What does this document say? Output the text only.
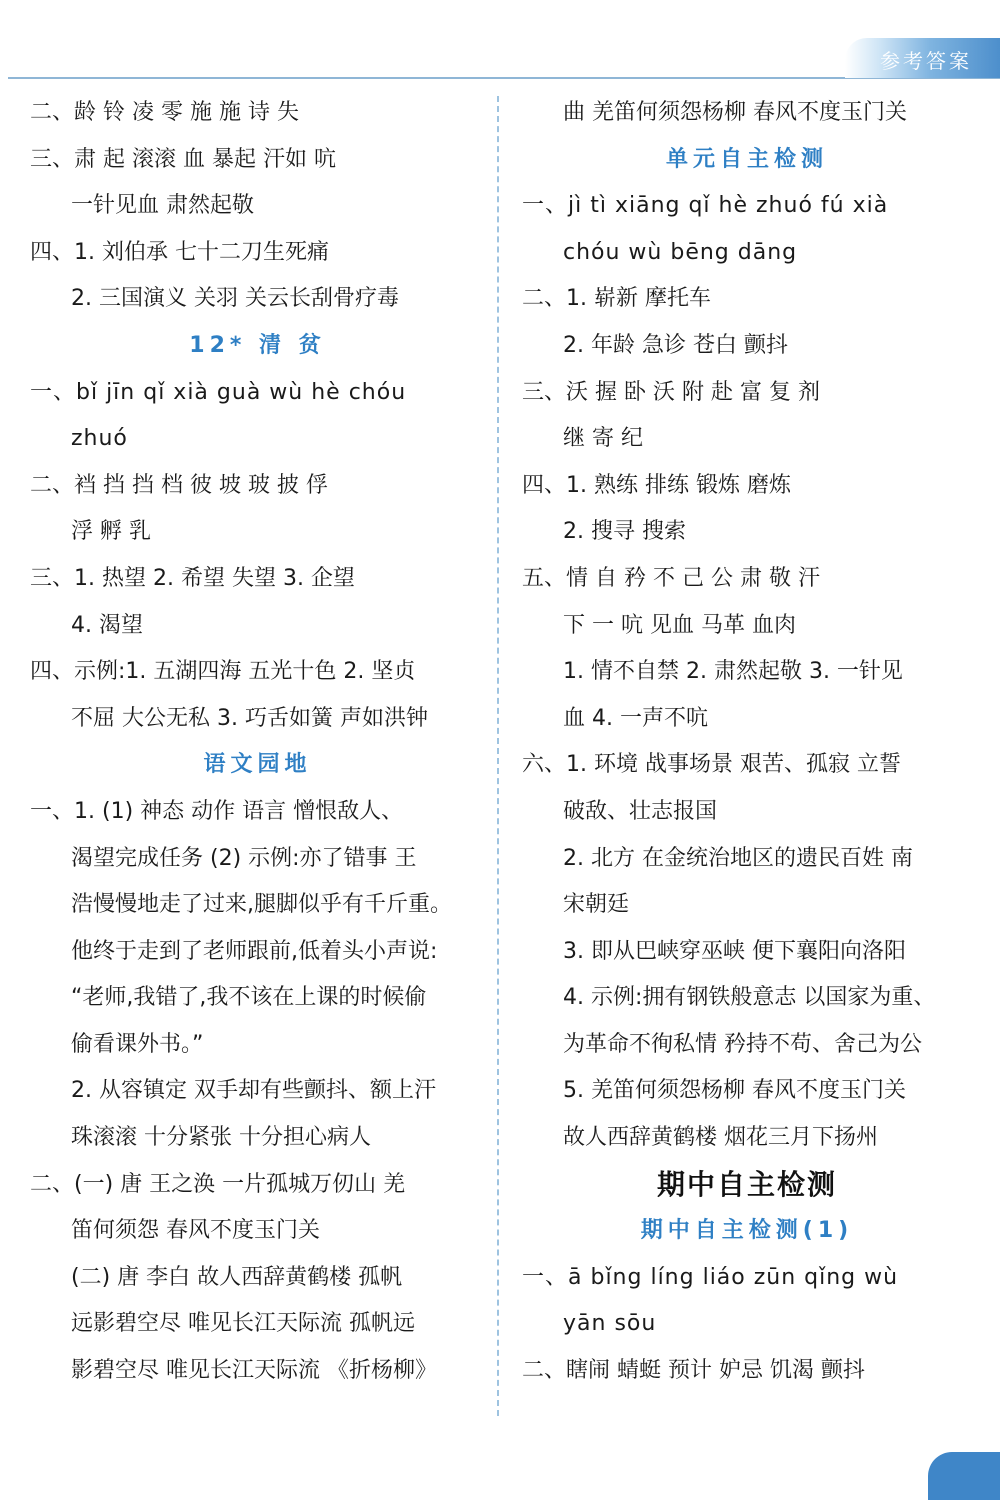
参考答案
二、龄 铃 凌 零 施 施 诗 失
三、肃 起 滚滚 血 暴起 汗如 吭
一针见血 肃然起敬
四、1. 刘伯承 七十二刀生死痛
2. 三国演义 关羽 关云长刮骨疗毒
12* 清 贫
一、bǐ jīn qǐ xià guà wù hè chóu
zhuó
二、裆 挡 挡 档 彼 坡 玻 披 俘
浮 孵 乳
三、1. 热望 2. 希望 失望 3. 企望
4. 渴望
四、示例:1. 五湖四海 五光十色 2. 坚贞
不屈 大公无私 3. 巧舌如簧 声如洪钟
语文园地
一、1. (1) 神态 动作 语言 憎恨敌人、
渴望完成任务 (2) 示例:亦了错事 王
浩慢慢地走了过来,腿脚似乎有千斤重。
他终于走到了老师跟前,低着头小声说:
“老师,我错了,我不该在上课的时候偷
偷看课外书。”
2. 从容镇定 双手却有些颤抖、额上汗
珠滚滚 十分紧张 十分担心病人
二、(一) 唐 王之涣 一片孤城万仞山 羌
笛何须怨 春风不度玉门关
(二) 唐 李白 故人西辞黄鹤楼 孤帆
远影碧空尽 唯见长江天际流 孤帆远
影碧空尽 唯见长江天际流 《折杨柳》
曲 羌笛何须怨杨柳 春风不度玉门关
单元自主检测
一、jì tì xiāng qǐ hè zhuó fú xià
chóu wù bēng dāng
二、1. 崭新 摩托车
2. 年龄 急诊 苍白 颤抖
三、沃 握 卧 沃 附 赴 富 复 剂
继 寄 纪
四、1. 熟练 排练 锻炼 磨炼
2. 搜寻 搜索
五、情 自 矜 不 己 公 肃 敬 汗
下 一 吭 见血 马革 血肉
1. 情不自禁 2. 肃然起敬 3. 一针见
血 4. 一声不吭
六、1. 环境 战事场景 艰苦、孤寂 立誓
破敌、壮志报国
2. 北方 在金统治地区的遗民百姓 南
宋朝廷
3. 即从巴峡穿巫峡 便下襄阳向洛阳
4. 示例:拥有钢铁般意志 以国家为重、
为革命不徇私情 矜持不苟、舍己为公
5. 羌笛何须怨杨柳 春风不度玉门关
故人西辞黄鹤楼 烟花三月下扬州
期中自主检测
期中自主检测(1)
一、ā bǐng líng liáo zūn qǐng wù
yān sōu
二、瞎闹 蜻蜓 预计 妒忌 饥渴 颤抖
